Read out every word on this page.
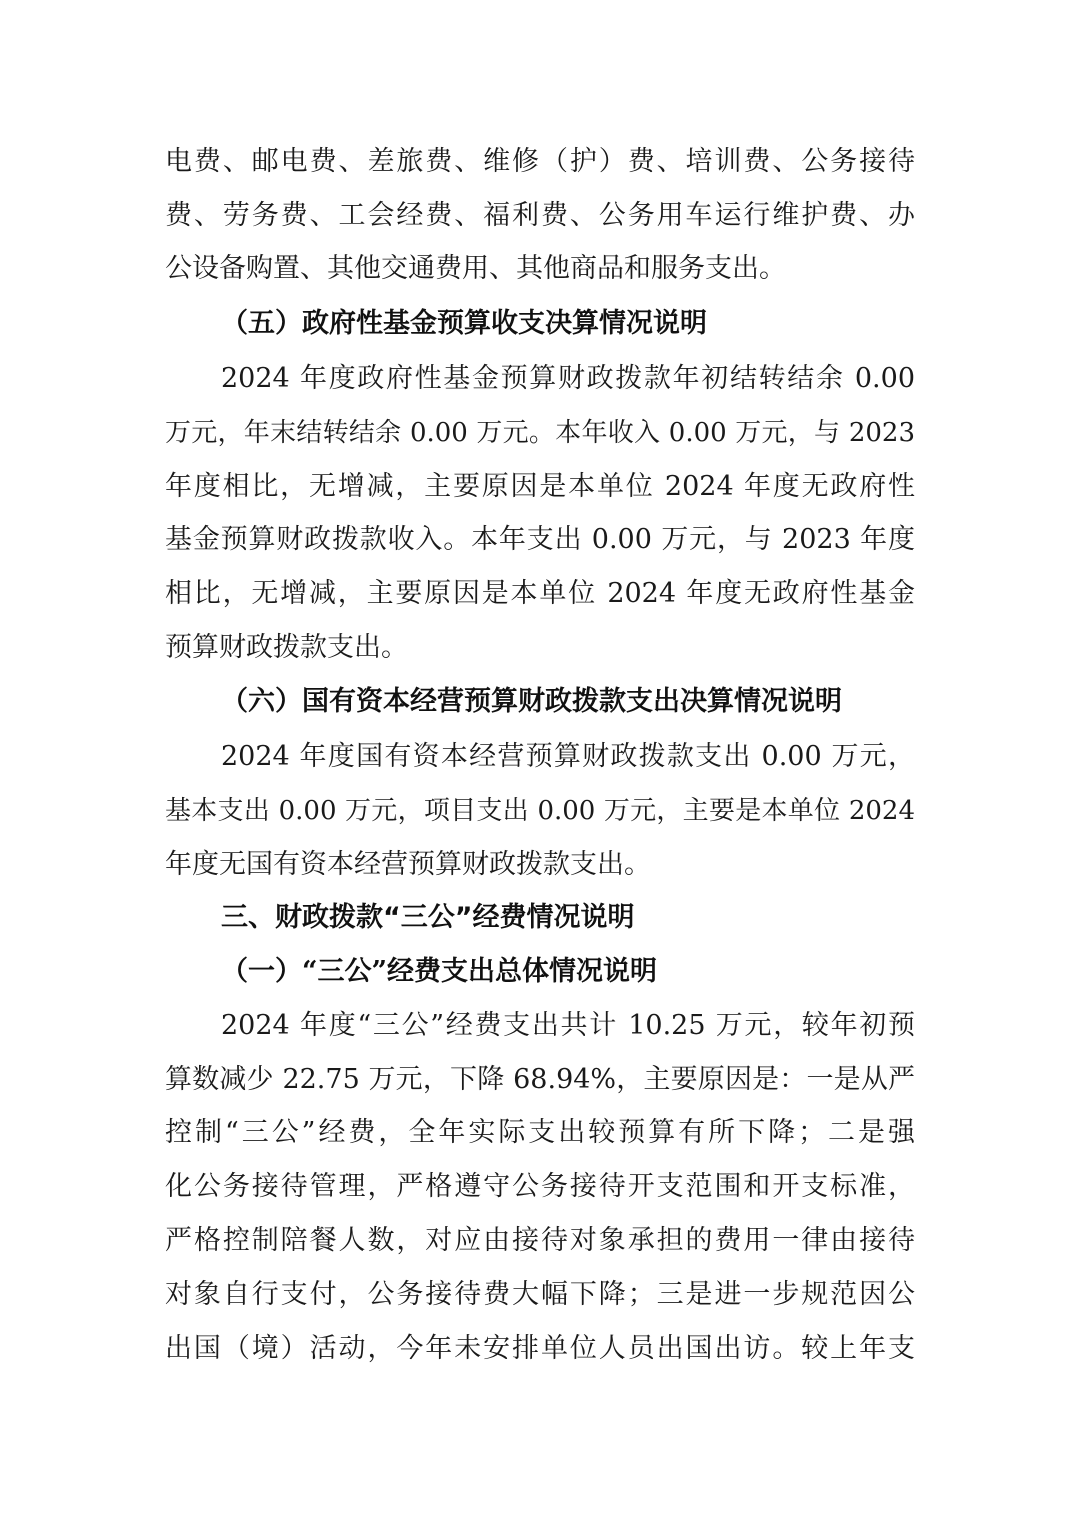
电费、邮电费、差旅费、维修（护）费、培训费、公务接待
费、劳务费、工会经费、福利费、公务用车运行维护费、办
公设备购置、其他交通费用、其他商品和服务支出。
（五）政府性基金预算收支决算情况说明
2024 年度政府性基金预算财政拨款年初结转结余 0.00
万元，年末结转结余 0.00 万元。本年收入 0.00 万元，与 2023
年度相比，无增减，主要原因是本单位 2024 年度无政府性
基金预算财政拨款收入。本年支出 0.00 万元，与 2023 年度
相比，无增减，主要原因是本单位 2024 年度无政府性基金
预算财政拨款支出。
（六）国有资本经营预算财政拨款支出决算情况说明
2024 年度国有资本经营预算财政拨款支出 0.00 万元，
基本支出 0.00 万元，项目支出 0.00 万元，主要是本单位 2024
年度无国有资本经营预算财政拨款支出。
三、财政拨款“三公”经费情况说明
（一）“三公”经费支出总体情况说明
2024 年度“三公”经费支出共计 10.25 万元，较年初预
算数减少 22.75 万元，下降 68.94%，主要原因是：一是从严
控制“三公”经费，全年实际支出较预算有所下降；二是强
化公务接待管理，严格遵守公务接待开支范围和开支标准，
严格控制陪餐人数，对应由接待对象承担的费用一律由接待
对象自行支付，公务接待费大幅下降；三是进一步规范因公
出国（境）活动，今年未安排单位人员出国出访。较上年支
